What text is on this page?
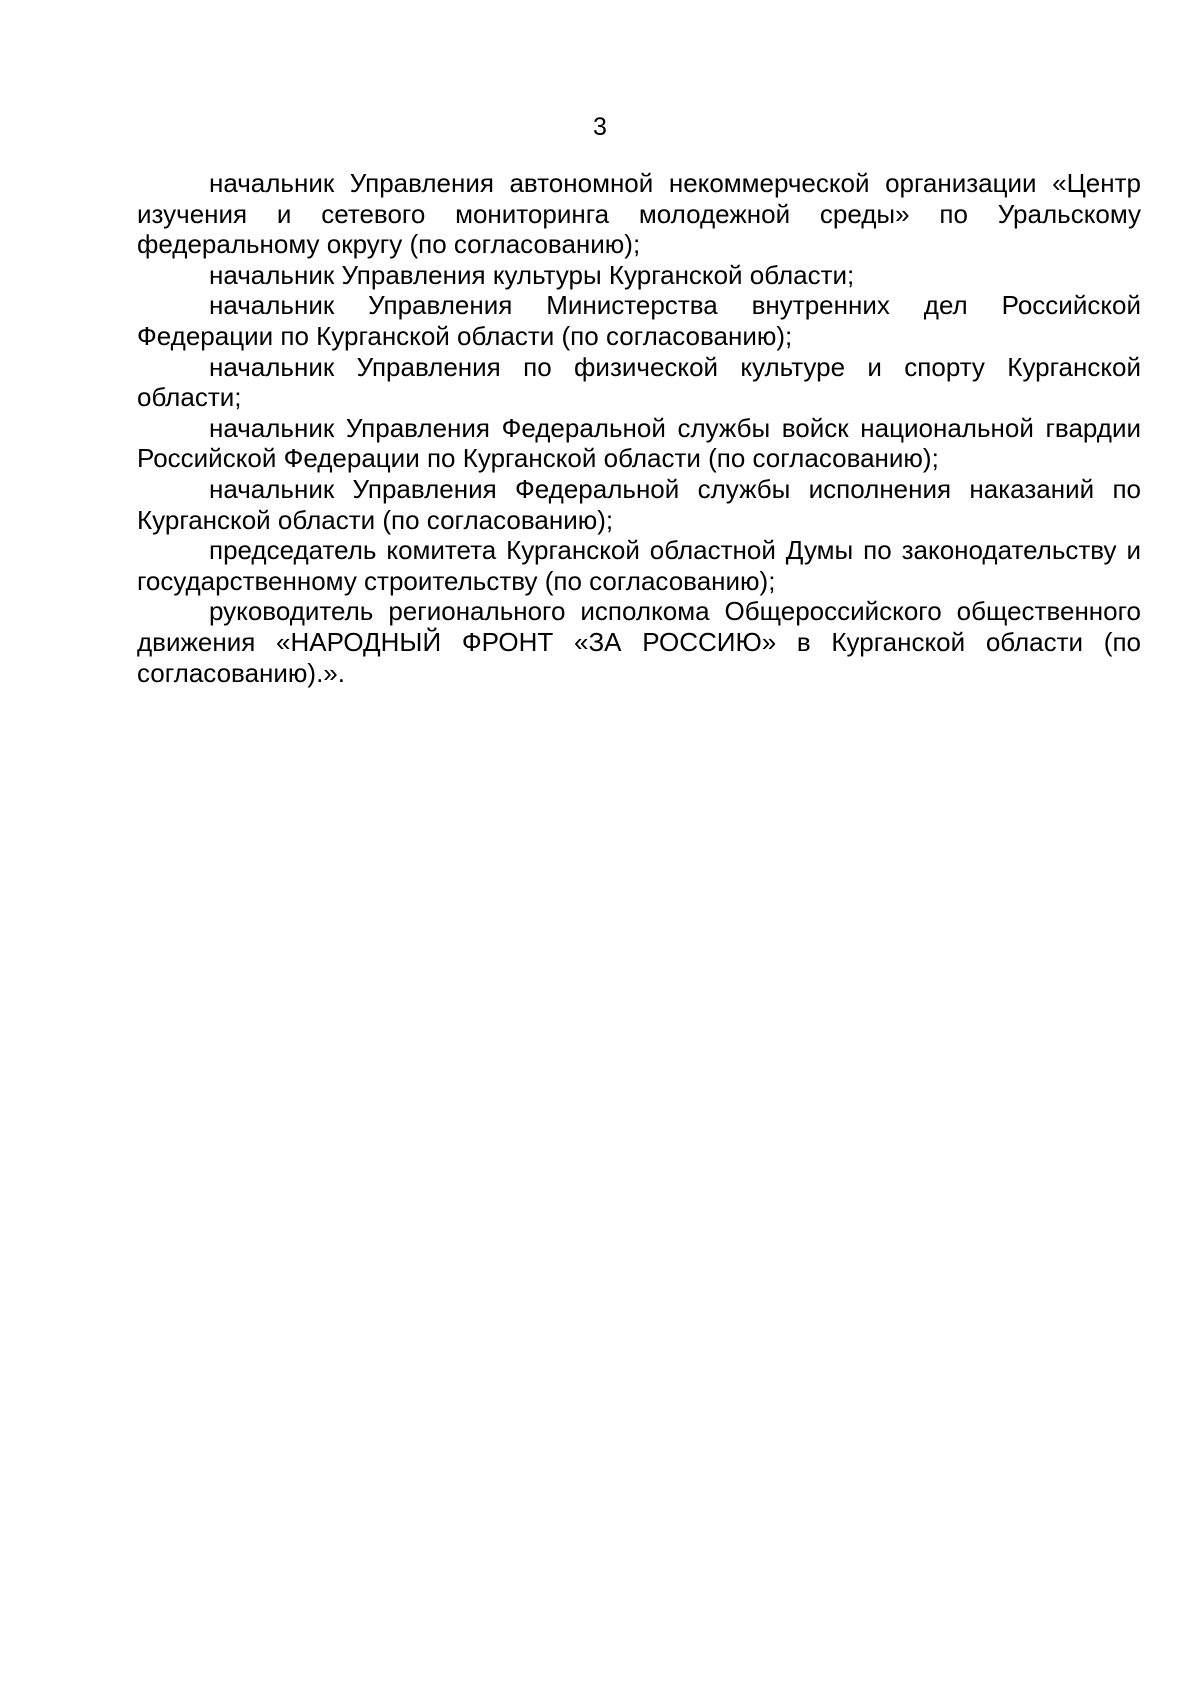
3

начальник Управления автономной некоммерческой организации «Центр изучения и сетевого мониторинга молодежной среды» по Уральскому федеральному округу (по согласованию);

начальник Управления культуры Курганской области;

начальник Управления Министерства внутренних дел Российской Федерации по Курганской области (по согласованию);

начальник Управления по физической культуре и спорту Курганской области;

начальник Управления Федеральной службы войск национальной гвардии Российской Федерации по Курганской области (по согласованию);

начальник Управления Федеральной службы исполнения наказаний по Курганской области (по согласованию);

председатель комитета Курганской областной Думы по законодательству и государственному строительству (по согласованию);

руководитель регионального исполкома Общероссийского общественного движения «НАРОДНЫЙ ФРОНТ «ЗА РОССИЮ» в Курганской области (по согласованию).».
